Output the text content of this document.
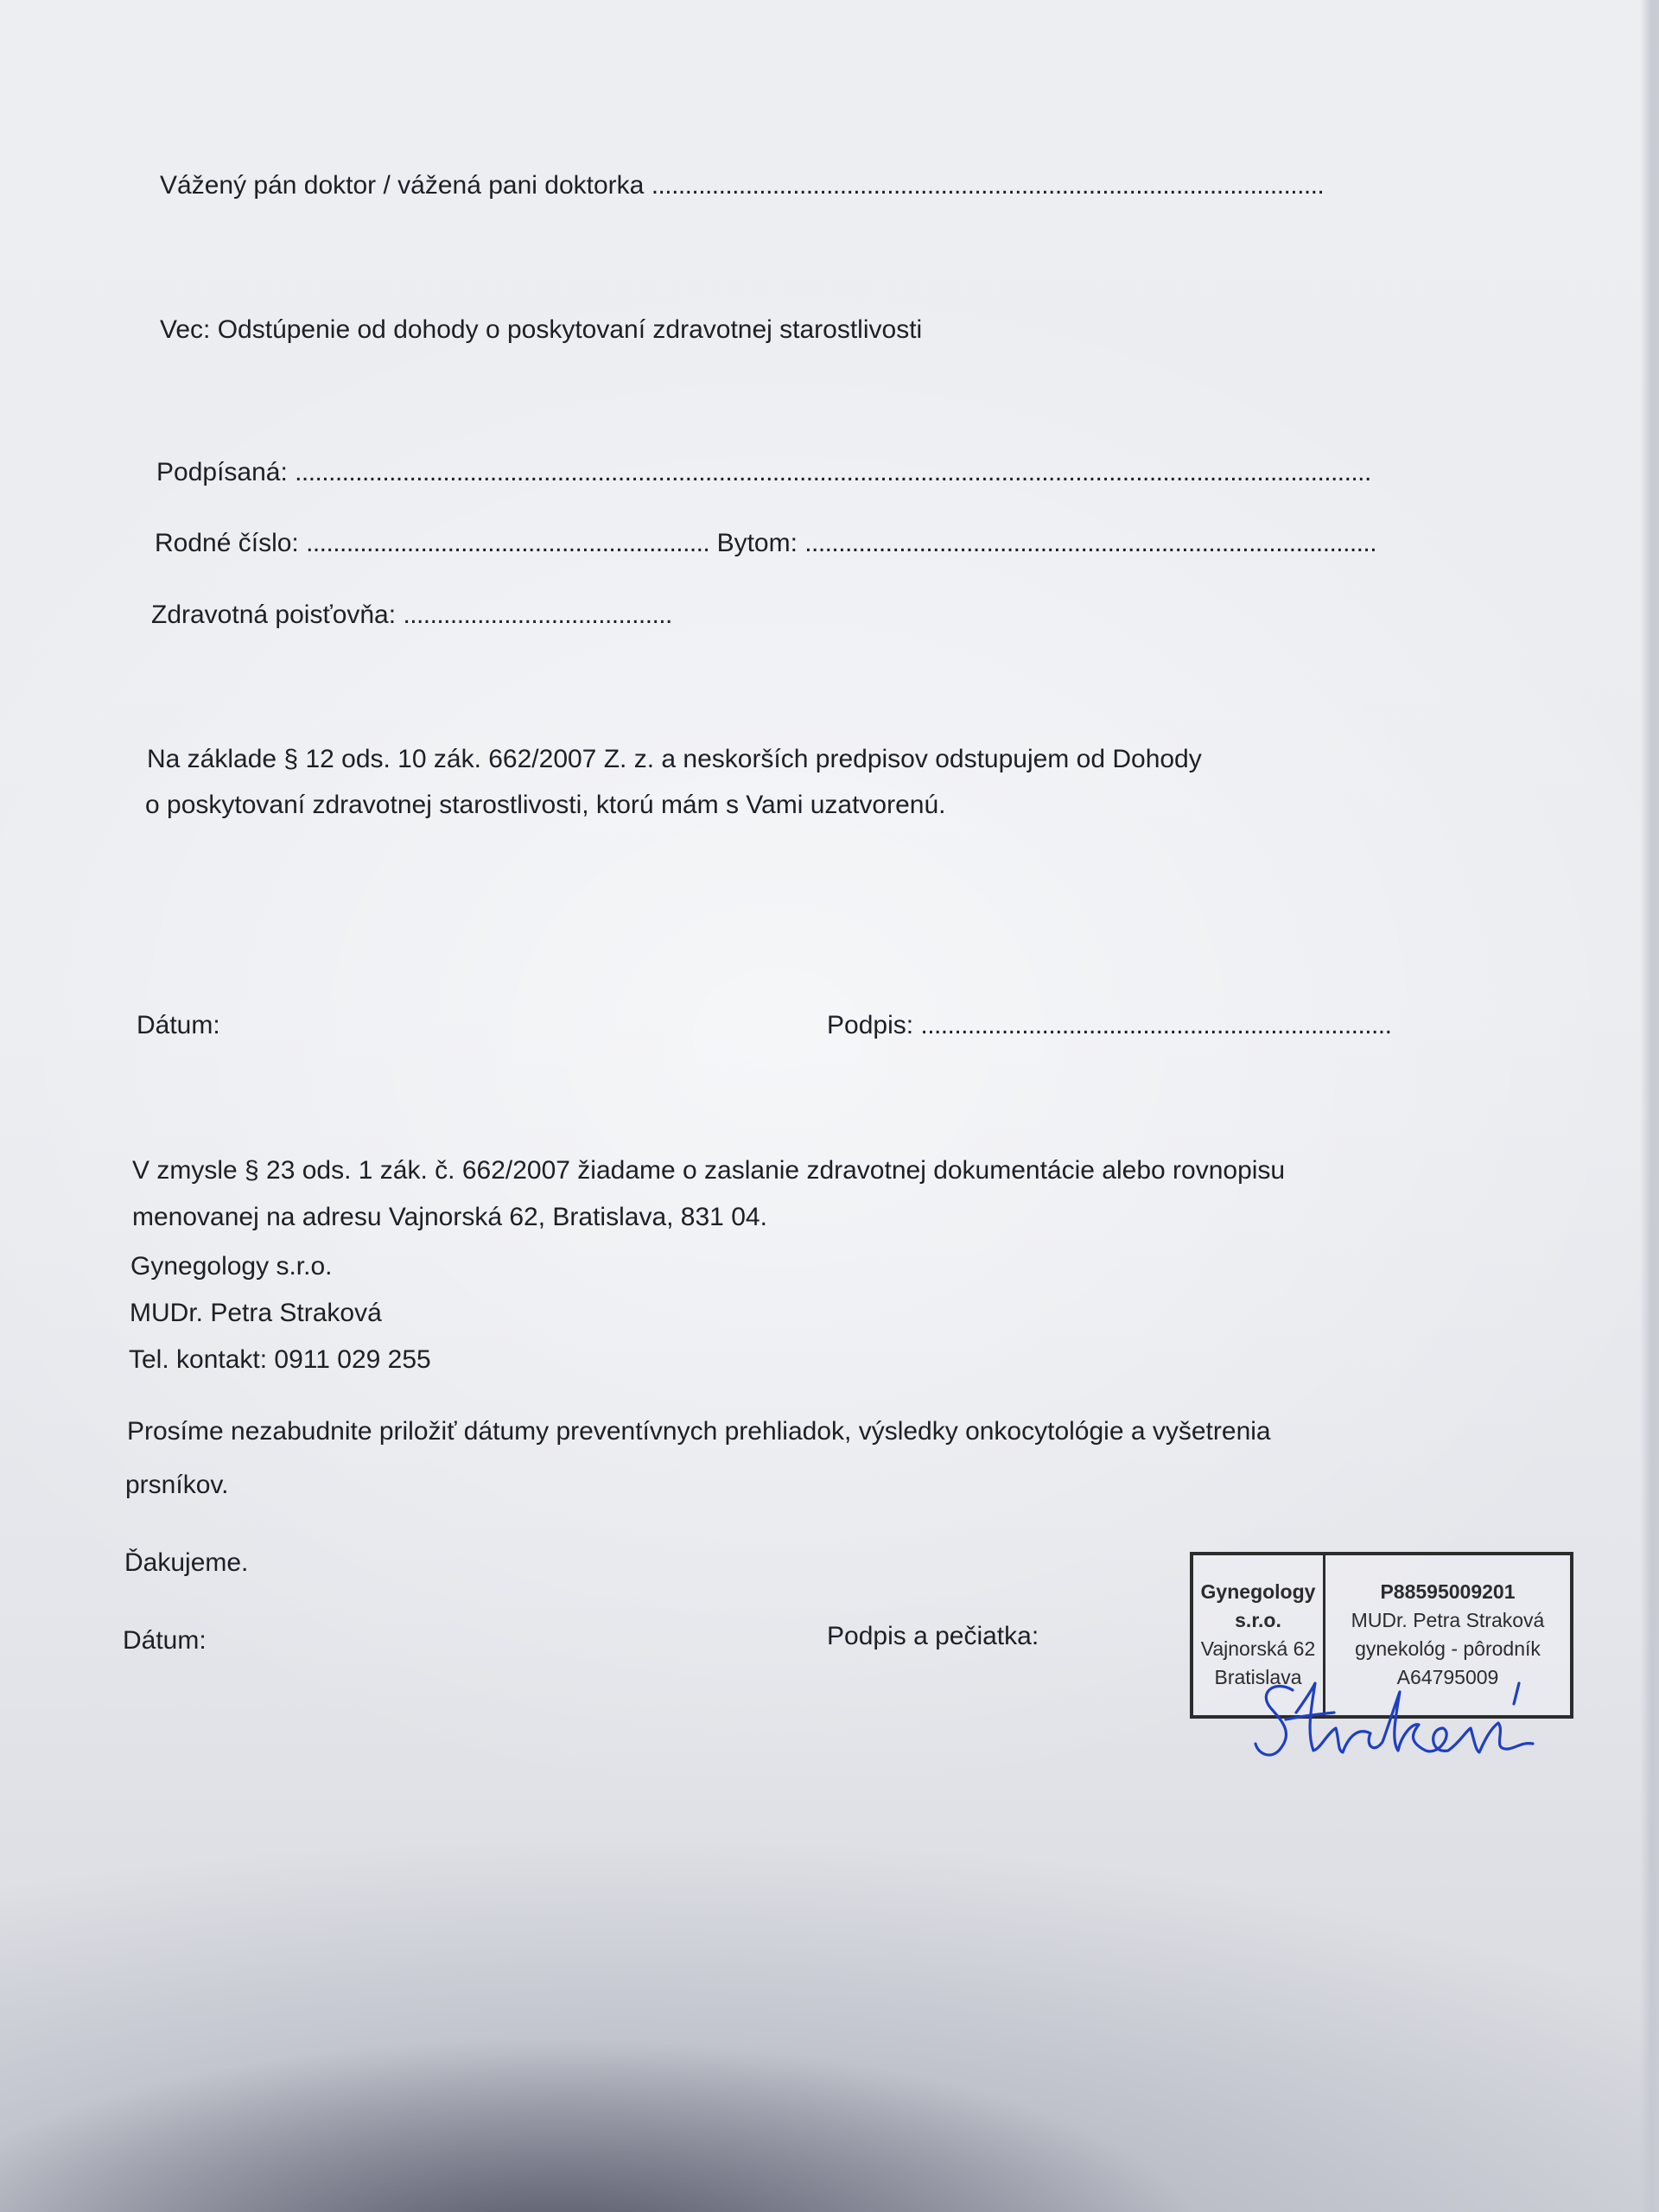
Vážený pán doktor / vážená pani doktorka ....................................................................................................
Vec: Odstúpenie od dohody o poskytovaní zdravotnej starostlivosti
Podpísaná: ................................................................................................................................................................
Rodné číslo: ............................................................ Bytom: .....................................................................................
Zdravotná poisťovňa: ........................................
Na základe § 12 ods. 10 zák. 662/2007 Z. z. a neskorších predpisov odstupujem od Dohody
o poskytovaní zdravotnej starostlivosti, ktorú mám s Vami uzatvorenú.
Dátum:	Podpis: ......................................................................
V zmysle § 23 ods. 1 zák. č. 662/2007 žiadame o zaslanie zdravotnej dokumentácie alebo rovnopisu
menovanej na adresu Vajnorská 62, Bratislava, 831 04.
Gynegology s.r.o.
MUDr. Petra Straková
Tel. kontakt: 0911 029 255
Prosíme nezabudnite priložiť dátumy preventívnych prehliadok, výsledky onkocytológie a vyšetrenia
prsníkov.
Ďakujeme.
Dátum:	Podpis a pečiatka:
Gynegology
s.r.o.
Vajnorská 62
Bratislava
P88595009201
MUDr. Petra Straková
gynekológ - pôrodník
A64795009
